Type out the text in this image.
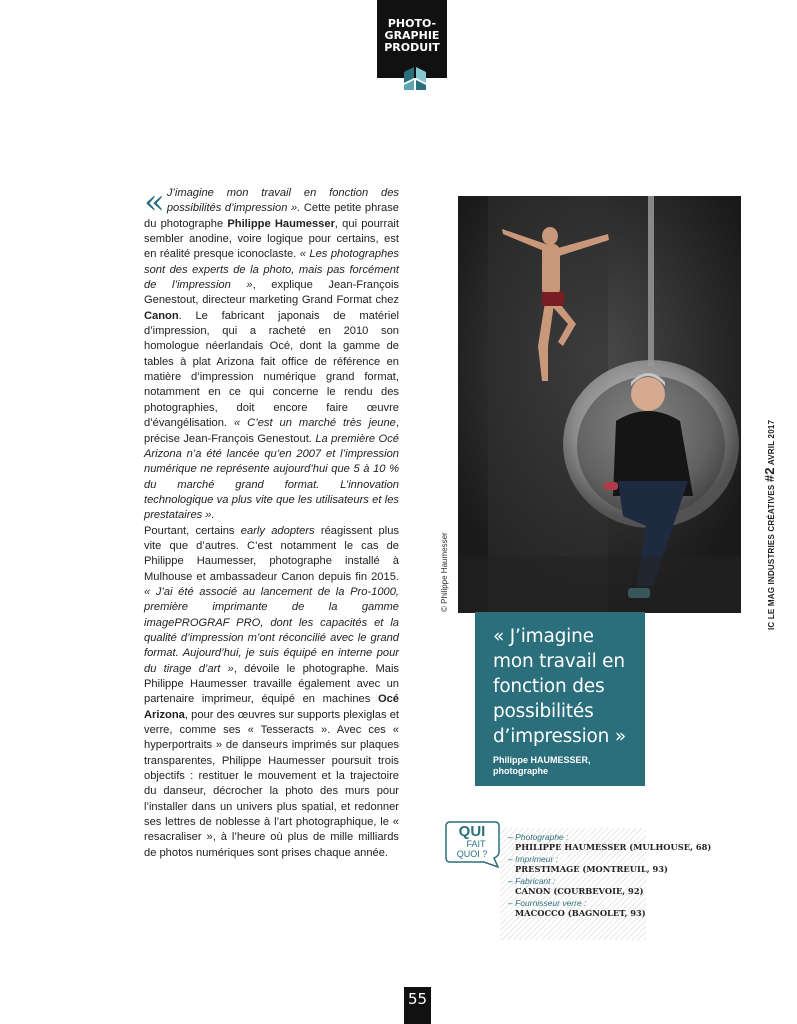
PHOTO-
GRAPHIE
PRODUIT

« J’imagine mon travail en fonction des possibilités d’impression ». Cette petite phrase du photographe Philippe Haumesser, qui pourrait sembler anodine, voire logique pour certains, est en réalité presque iconoclaste. « Les photographes sont des experts de la photo, mais pas forcément de l’impression », explique Jean-François Genestout, directeur marketing Grand Format chez Canon. Le fabricant japonais de matériel d’impression, qui a racheté en 2010 son homologue néerlandais Océ, dont la gamme de tables à plat Arizona fait office de référence en matière d’impression numérique grand format, notamment en ce qui concerne le rendu des photographies, doit encore faire œuvre d’évangélisation. « C’est un marché très jeune, précise Jean-François Genestout. La première Océ Arizona n’a été lancée qu’en 2007 et l’impression numérique ne représente aujourd’hui que 5 à 10 % du marché grand format. L’innovation technologique va plus vite que les utilisateurs et les prestataires ».

Pourtant, certains early adopters réagissent plus vite que d’autres. C’est notamment le cas de Philippe Haumesser, photographe installé à Mulhouse et ambassadeur Canon depuis fin 2015. « J’ai été associé au lancement de la Pro-1000, première imprimante de la gamme imagePROGRAF PRO, dont les capacités et la qualité d’impression m’ont réconcilié avec le grand format. Aujourd’hui, je suis équipé en interne pour du tirage d’art », dévoile le photographe. Mais Philippe Haumesser travaille également avec un partenaire imprimeur, équipé en machines Océ Arizona, pour des œuvres sur supports plexiglas et verre, comme ses « Tesseracts ». Avec ces « hyperportraits » de danseurs imprimés sur plaques transparentes, Philippe Haumesser poursuit trois objectifs : restituer le mouvement et la trajectoire du danseur, décrocher la photo des murs pour l’installer dans un univers plus spatial, et redonner ses lettres de noblesse à l’art photographique, le « resacraliser », à l’heure où plus de mille milliards de photos numériques sont prises chaque année.

© Philippe Haumesser
« J’imagine mon travail en fonction des possibilités d’impression »
Philippe HAUMESSER,
photographe
IC LE MAG INDUSTRIES CRÉATIVES #2 AVRIL 2017
QUI
FAIT
QUOI ?
– Photographe :
PHILIPPE HAUMESSER (MULHOUSE, 68)
– Imprimeur :
PRESTIMAGE (MONTREUIL, 93)
– Fabricant :
CANON (COURBEVOIE, 92)
– Fournisseur verre :
MACOCCO (BAGNOLET, 93)
55
